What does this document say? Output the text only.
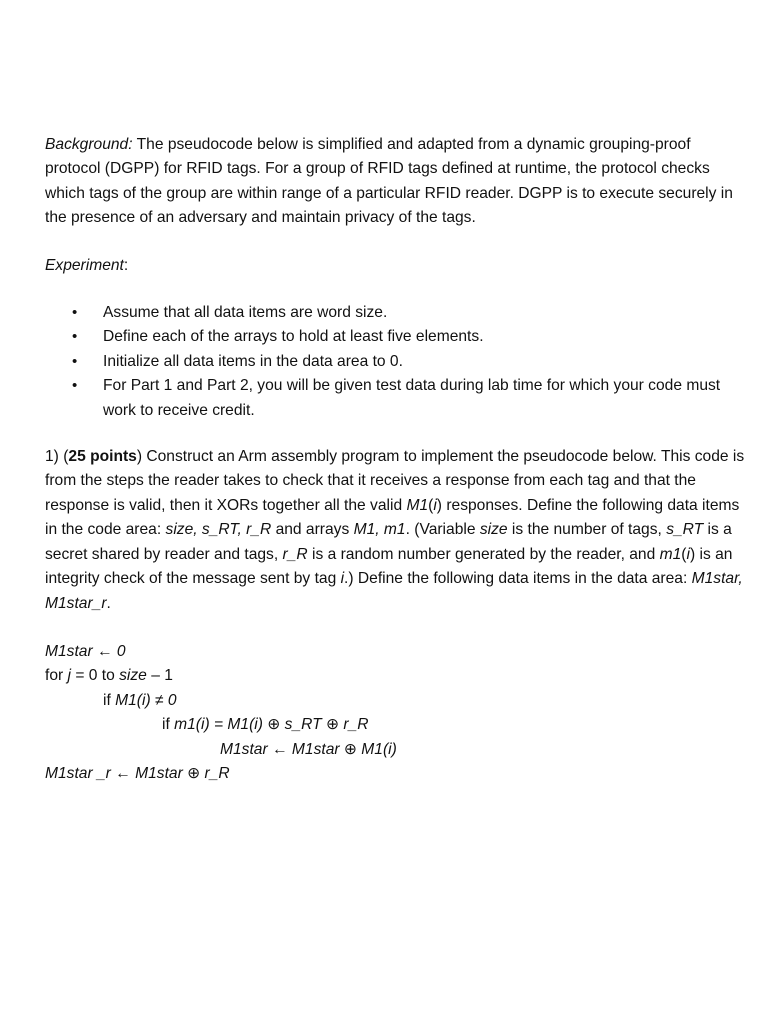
Background: The pseudocode below is simplified and adapted from a dynamic grouping-proof protocol (DGPP) for RFID tags. For a group of RFID tags defined at runtime, the protocol checks which tags of the group are within range of a particular RFID reader. DGPP is to execute securely in the presence of an adversary and maintain privacy of the tags.

Experiment:

• Assume that all data items are word size.
• Define each of the arrays to hold at least five elements.
• Initialize all data items in the data area to 0.
• For Part 1 and Part 2, you will be given test data during lab time for which your code must work to receive credit.

1) (25 points) Construct an Arm assembly program to implement the pseudocode below. This code is from the steps the reader takes to check that it receives a response from each tag and that the response is valid, then it XORs together all the valid M1(i) responses. Define the following data items in the code area: size, s_RT, r_R and arrays M1, m1. (Variable size is the number of tags, s_RT is a secret shared by reader and tags, r_R is a random number generated by the reader, and m1(i) is an integrity check of the message sent by tag i.) Define the following data items in the data area: M1star, M1star_r.

M1star ← 0
for j = 0 to size – 1
if M1(i) ≠ 0
if m1(i) = M1(i) ⊕ s_RT ⊕ r_R
M1star ← M1star ⊕ M1(i)
M1star _r ← M1star ⊕ r_R
